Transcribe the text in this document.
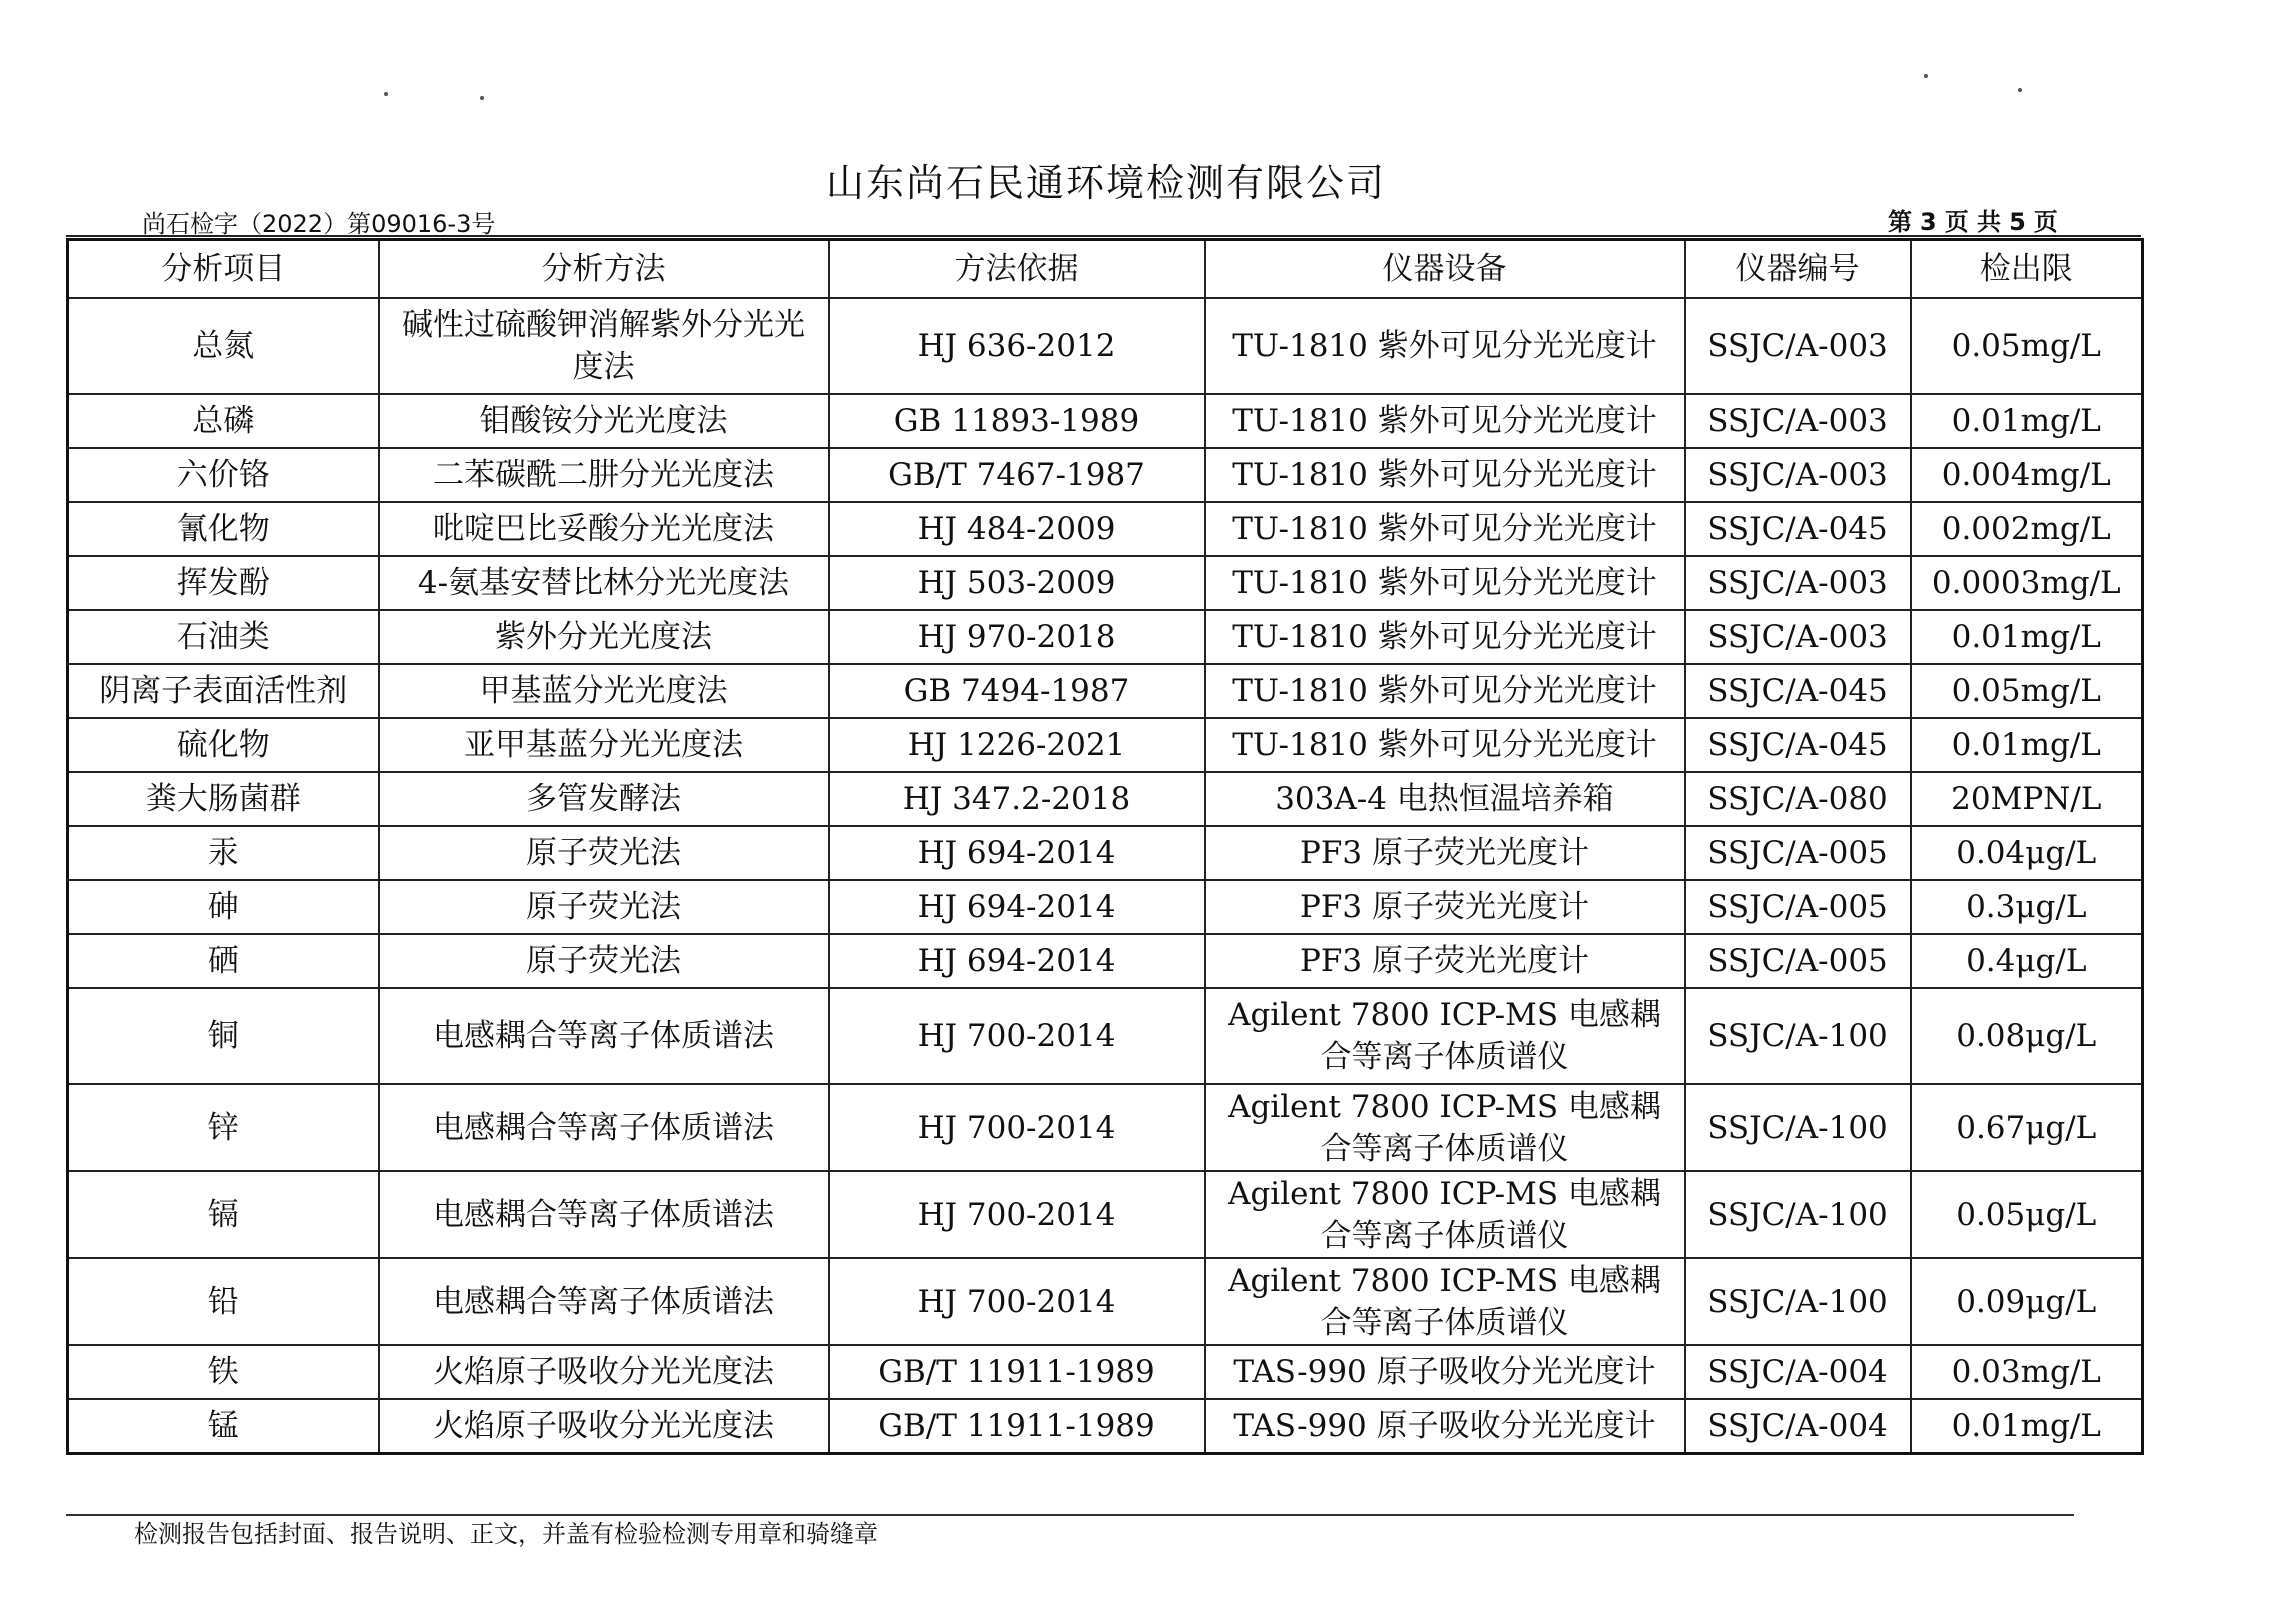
山东尚石民通环境检测有限公司
尚石检字（2022）第09016-3号	第 3 页 共 5 页
分析项目	分析方法	方法依据	仪器设备	仪器编号	检出限
总氮	碱性过硫酸钾消解紫外分光光度法	HJ 636-2012	TU-1810 紫外可见分光光度计	SSJC/A-003	0.05mg/L
总磷	钼酸铵分光光度法	GB 11893-1989	TU-1810 紫外可见分光光度计	SSJC/A-003	0.01mg/L
六价铬	二苯碳酰二肼分光光度法	GB/T 7467-1987	TU-1810 紫外可见分光光度计	SSJC/A-003	0.004mg/L
氰化物	吡啶巴比妥酸分光光度法	HJ 484-2009	TU-1810 紫外可见分光光度计	SSJC/A-045	0.002mg/L
挥发酚	4-氨基安替比林分光光度法	HJ 503-2009	TU-1810 紫外可见分光光度计	SSJC/A-003	0.0003mg/L
石油类	紫外分光光度法	HJ 970-2018	TU-1810 紫外可见分光光度计	SSJC/A-003	0.01mg/L
阴离子表面活性剂	甲基蓝分光光度法	GB 7494-1987	TU-1810 紫外可见分光光度计	SSJC/A-045	0.05mg/L
硫化物	亚甲基蓝分光光度法	HJ 1226-2021	TU-1810 紫外可见分光光度计	SSJC/A-045	0.01mg/L
粪大肠菌群	多管发酵法	HJ 347.2-2018	303A-4 电热恒温培养箱	SSJC/A-080	20MPN/L
汞	原子荧光法	HJ 694-2014	PF3 原子荧光光度计	SSJC/A-005	0.04μg/L
砷	原子荧光法	HJ 694-2014	PF3 原子荧光光度计	SSJC/A-005	0.3μg/L
硒	原子荧光法	HJ 694-2014	PF3 原子荧光光度计	SSJC/A-005	0.4μg/L
铜	电感耦合等离子体质谱法	HJ 700-2014	Agilent 7800 ICP-MS 电感耦合等离子体质谱仪	SSJC/A-100	0.08μg/L
锌	电感耦合等离子体质谱法	HJ 700-2014	Agilent 7800 ICP-MS 电感耦合等离子体质谱仪	SSJC/A-100	0.67μg/L
镉	电感耦合等离子体质谱法	HJ 700-2014	Agilent 7800 ICP-MS 电感耦合等离子体质谱仪	SSJC/A-100	0.05μg/L
铅	电感耦合等离子体质谱法	HJ 700-2014	Agilent 7800 ICP-MS 电感耦合等离子体质谱仪	SSJC/A-100	0.09μg/L
铁	火焰原子吸收分光光度法	GB/T 11911-1989	TAS-990 原子吸收分光光度计	SSJC/A-004	0.03mg/L
锰	火焰原子吸收分光光度法	GB/T 11911-1989	TAS-990 原子吸收分光光度计	SSJC/A-004	0.01mg/L
检测报告包括封面、报告说明、正文，并盖有检验检测专用章和骑缝章
